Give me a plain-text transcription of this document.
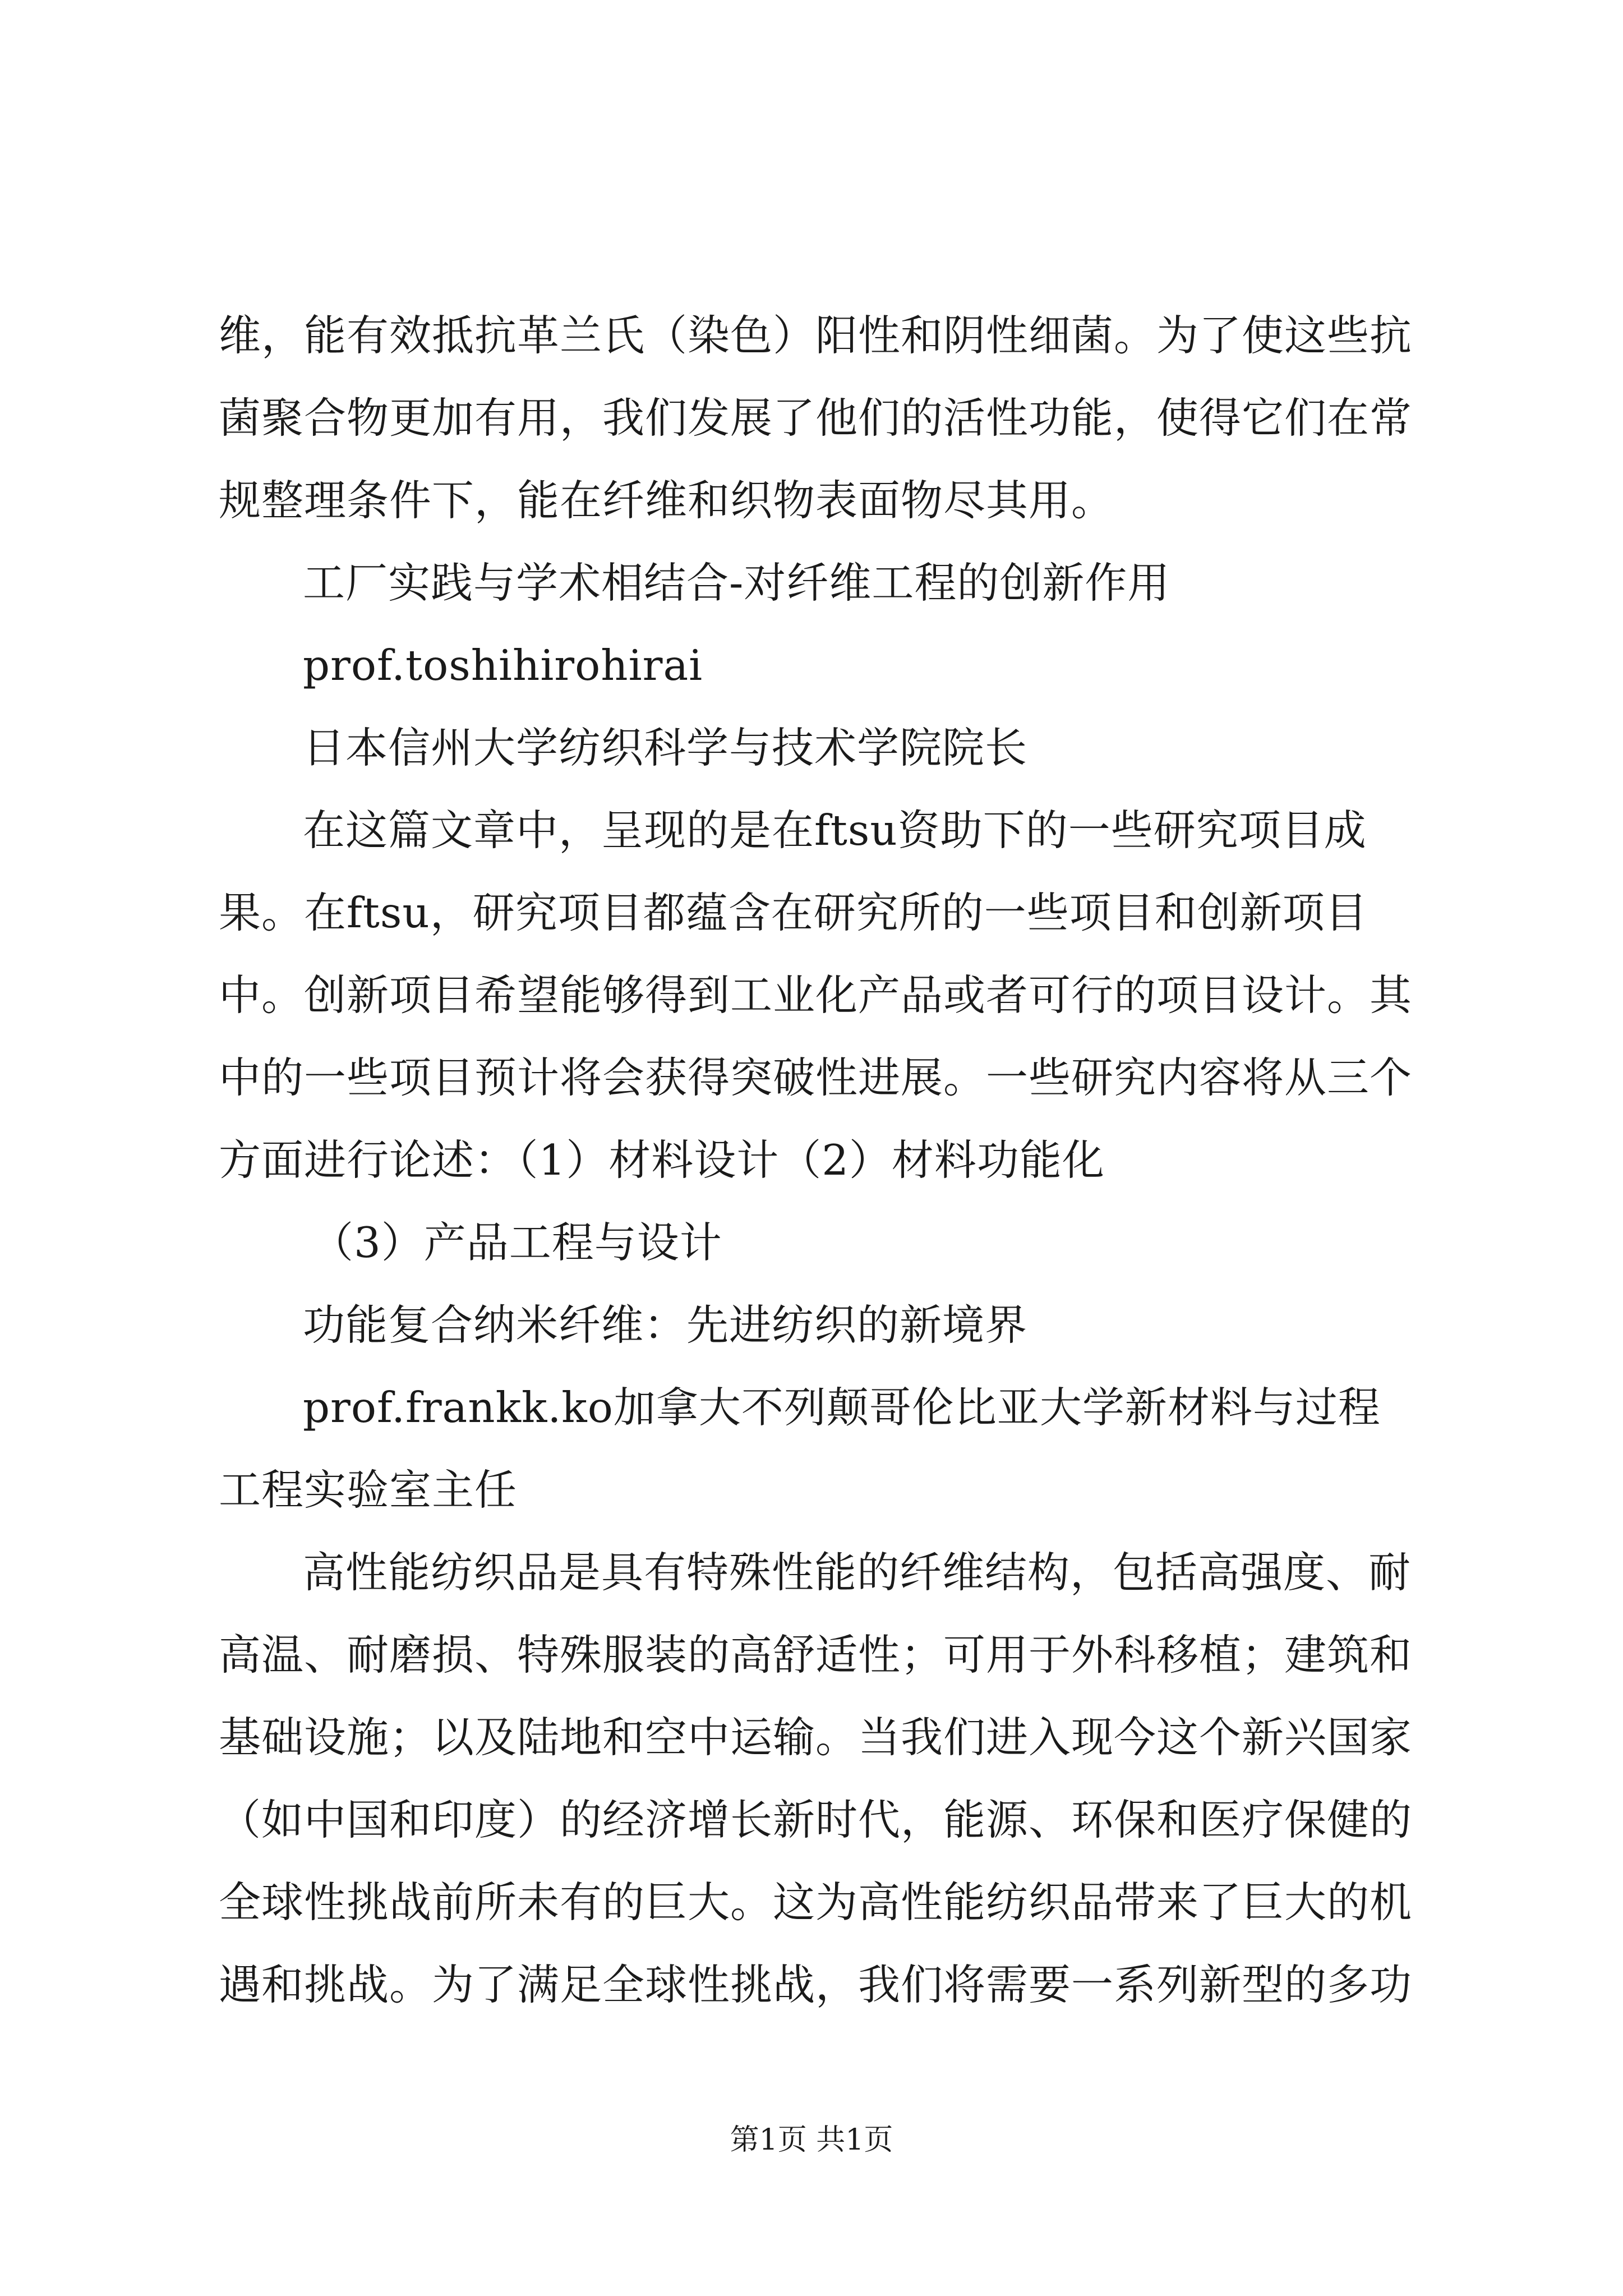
维，能有效抵抗革兰氏（染色）阳性和阴性细菌。为了使这些抗
菌聚合物更加有用，我们发展了他们的活性功能，使得它们在常
规整理条件下，能在纤维和织物表面物尽其用。
工厂实践与学术相结合-对纤维工程的创新作用
prof.toshihirohirai
日本信州大学纺织科学与技术学院院长
在这篇文章中，呈现的是在ftsu资助下的一些研究项目成
果。在ftsu，研究项目都蕴含在研究所的一些项目和创新项目
中。创新项目希望能够得到工业化产品或者可行的项目设计。其
中的一些项目预计将会获得突破性进展。一些研究内容将从三个
方面进行论述：（1）材料设计（2）材料功能化
（3）产品工程与设计
功能复合纳米纤维：先进纺织的新境界
prof.frankk.ko加拿大不列颠哥伦比亚大学新材料与过程
工程实验室主任
高性能纺织品是具有特殊性能的纤维结构，包括高强度、耐
高温、耐磨损、特殊服装的高舒适性；可用于外科移植；建筑和
基础设施；以及陆地和空中运输。当我们进入现今这个新兴国家
（如中国和印度）的经济增长新时代，能源、环保和医疗保健的
全球性挑战前所未有的巨大。这为高性能纺织品带来了巨大的机
遇和挑战。为了满足全球性挑战，我们将需要一系列新型的多功
第1页 共1页
